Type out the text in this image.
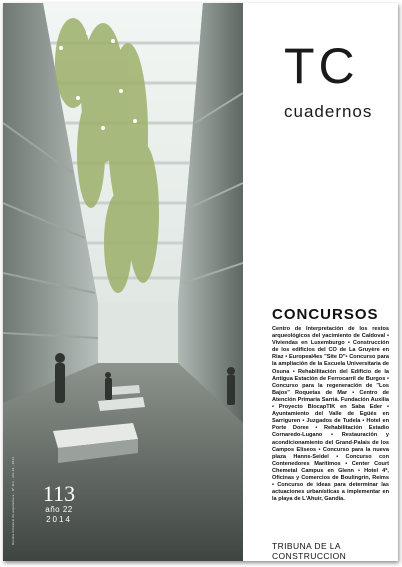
Revista bimestral de arquitectura · Nº 113 · año 22 · 2014 113
año 22
2014
TC
cuadernos
CONCURSOS
Centro de Interpretación de los restos arqueológicos del yacimiento de Caldoval • Viviendas en Luxemburgo • Construcción de los edificios del CO de La Gruyère en Riaz • Europeal4es "Site D"• Concurso para la ampliación de la Escuela Universitaria de Osuna • Rehabilitación del Edificio de la Antigua Estación de Ferrocarril de Burgos • Concurso para la regeneración de "Los Bajos" Roquetas de Mar • Centro de Atención Primaria Sarriá. Fundación Auxilia • Proyecto BiocapTIK en Saba Eder • Ayuntamiento del Valle de Egüés en Sarriguren • Juzgados de Tudela • Hotel en Porte Doree • Rehabilitación Estadio Cornaredo-Lugano • Restauración y acondicionamiento del Grand-Palais de los Campos Elíseos • Concurso para la nueva plaza Hanns-Seidel • Concurso con Contenedores Marítimos • Center Court Chemetal Campus en Glenn • Hotel 4*, Oficinas y Comercios de Boulingrin, Reims • Concurso de ideas para determinar las actuaciones urbanísticas a implementar en la playa de L'Ahuir, Gandía.
TRIBUNA DE LA CONSTRUCCION
